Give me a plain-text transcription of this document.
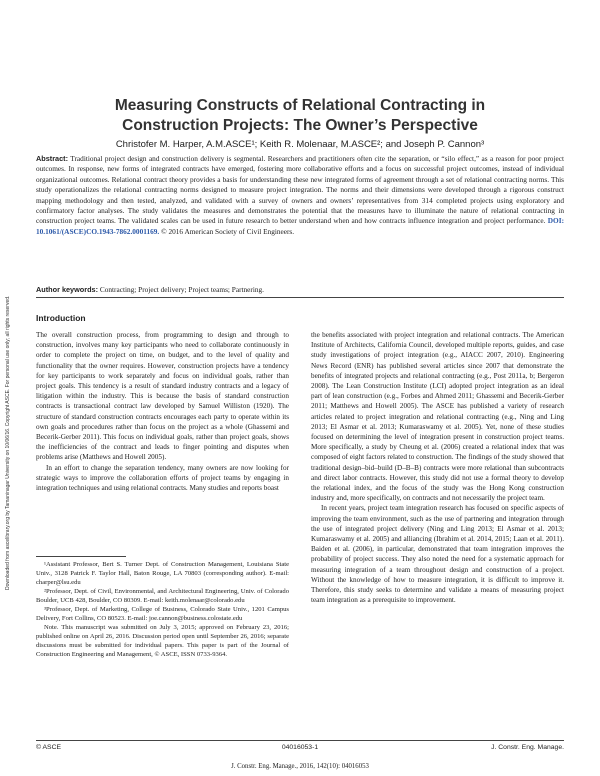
Downloaded from ascelibrary.org by Tamaninagar University on 10/06/16. Copyright ASCE. For personal use only; all rights reserved.
Measuring Constructs of Relational Contracting in
Construction Projects: The Owner’s Perspective
Christofer M. Harper, A.M.ASCE¹; Keith R. Molenaar, M.ASCE²; and Joseph P. Cannon³
Abstract: Traditional project design and construction delivery is segmental. Researchers and practitioners often cite the separation, or “silo effect,” as a reason for poor project outcomes. In response, new forms of integrated contracts have emerged, fostering more collaborative efforts and a focus on successful project outcomes, instead of individual organizational outcomes. Relational contract theory provides a basis for understanding these new integrated forms of agreement through a set of relational contracting norms. This study operationalizes the relational contracting norms designed to measure project integration. The norms and their dimensions were developed through a rigorous construct mapping methodology and then tested, analyzed, and validated with a survey of owners and owners’ representatives from 314 completed projects using exploratory and confirmatory factor analyses. The study validates the measures and demonstrates the potential that the measures have to illuminate the nature of relational contracting in construction project teams. The validated scales can be used in future research to better understand when and how contracts influence integration and project performance. DOI: 10.1061/(ASCE)CO.1943-7862.0001169. © 2016 American Society of Civil Engineers.
Author keywords: Contracting; Project delivery; Project teams; Partnering.
Introduction

The overall construction process, from programming to design and through to construction, involves many key participants who need to collaborate continuously in order to complete the project on time, on budget, and to the level of quality and functionality that the owner requires. However, construction projects have a tendency for key participants to work separately and focus on individual goals, rather than project goals. This tendency is a result of standard industry contracts and a legacy of litigation within the industry. This is because the basis of standard construction contracts is transactional contract law developed by Samuel Williston (1920). The structure of standard construction contracts encourages each party to operate within its own goals and procedures rather than focus on the project as a whole (Ghassemi and Becerik-Gerber 2011). This focus on individual goals, rather than project goals, shows the inefficiencies of the contract and leads to finger pointing and disputes when problems arise (Matthews and Howell 2005).

In an effort to change the separation tendency, many owners are now looking for strategic ways to improve the collaboration efforts of project teams by engaging in integration techniques and using relational contracts. Many studies and reports boast

¹Assistant Professor, Bert S. Turner Dept. of Construction Management, Louisiana State Univ., 3128 Patrick F. Taylor Hall, Baton Rouge, LA 70803 (corresponding author). E-mail: charper@lsu.edu

²Professor, Dept. of Civil, Environmental, and Architectural Engineering, Univ. of Colorado Boulder, UCB 428, Boulder, CO 80309. E-mail: keith.molenaar@colorado.edu

³Professor, Dept. of Marketing, College of Business, Colorado State Univ., 1201 Campus Delivery, Fort Collins, CO 80523. E-mail: joe.cannon@business.colostate.edu

Note. This manuscript was submitted on July 3, 2015; approved on February 23, 2016; published online on April 26, 2016. Discussion period open until September 26, 2016; separate discussions must be submitted for individual papers. This paper is part of the Journal of Construction Engineering and Management, © ASCE, ISSN 0733-9364.

the benefits associated with project integration and relational contracts. The American Institute of Architects, California Council, developed multiple reports, guides, and case study investigations of project integration (e.g., AIACC 2007, 2010). Engineering News Record (ENR) has published several articles since 2007 that demonstrate the benefits of integrated projects and relational contracting (e.g., Post 2011a, b; Bergeron 2008). The Lean Construction Institute (LCI) adopted project integration as an ideal part of lean construction (e.g., Forbes and Ahmed 2011; Ghassemi and Becerik-Gerber 2011; Matthews and Howell 2005). The ASCE has published a variety of research articles related to project integration and relational contracting (e.g., Ning and Ling 2013; El Asmar et al. 2013; Kumaraswamy et al. 2005). Yet, none of these studies focused on determining the level of integration present in construction project teams. More specifically, a study by Cheung et al. (2006) created a relational index that was composed of eight factors related to construction. The findings of the study showed that traditional design–bid–build (D–B–B) contracts were more relational than subcontracts and direct labor contracts. However, this study did not use a formal theory to develop the relational index, and the focus of the study was the Hong Kong construction industry and, more specifically, on contracts and not necessarily the project team.

In recent years, project team integration research has focused on specific aspects of improving the team environment, such as the use of partnering and integration through the use of integrated project delivery (Ning and Ling 2013; El Asmar et al. 2013; Kumaraswamy et al. 2005) and alliancing (Ibrahim et al. 2014, 2015; Laan et al. 2011). Baiden et al. (2006), in particular, demonstrated that team integration improves the probability of project success. They also noted the need for a systematic approach for measuring integration of a team throughout design and construction of a project. Without the knowledge of how to measure integration, it is difficult to improve it. Therefore, this study seeks to determine and validate a means of measuring project team integration as a prerequisite to improvement.

© ASCE	04016053-1	J. Constr. Eng. Manage.
J. Constr. Eng. Manage., 2016, 142(10): 04016053
